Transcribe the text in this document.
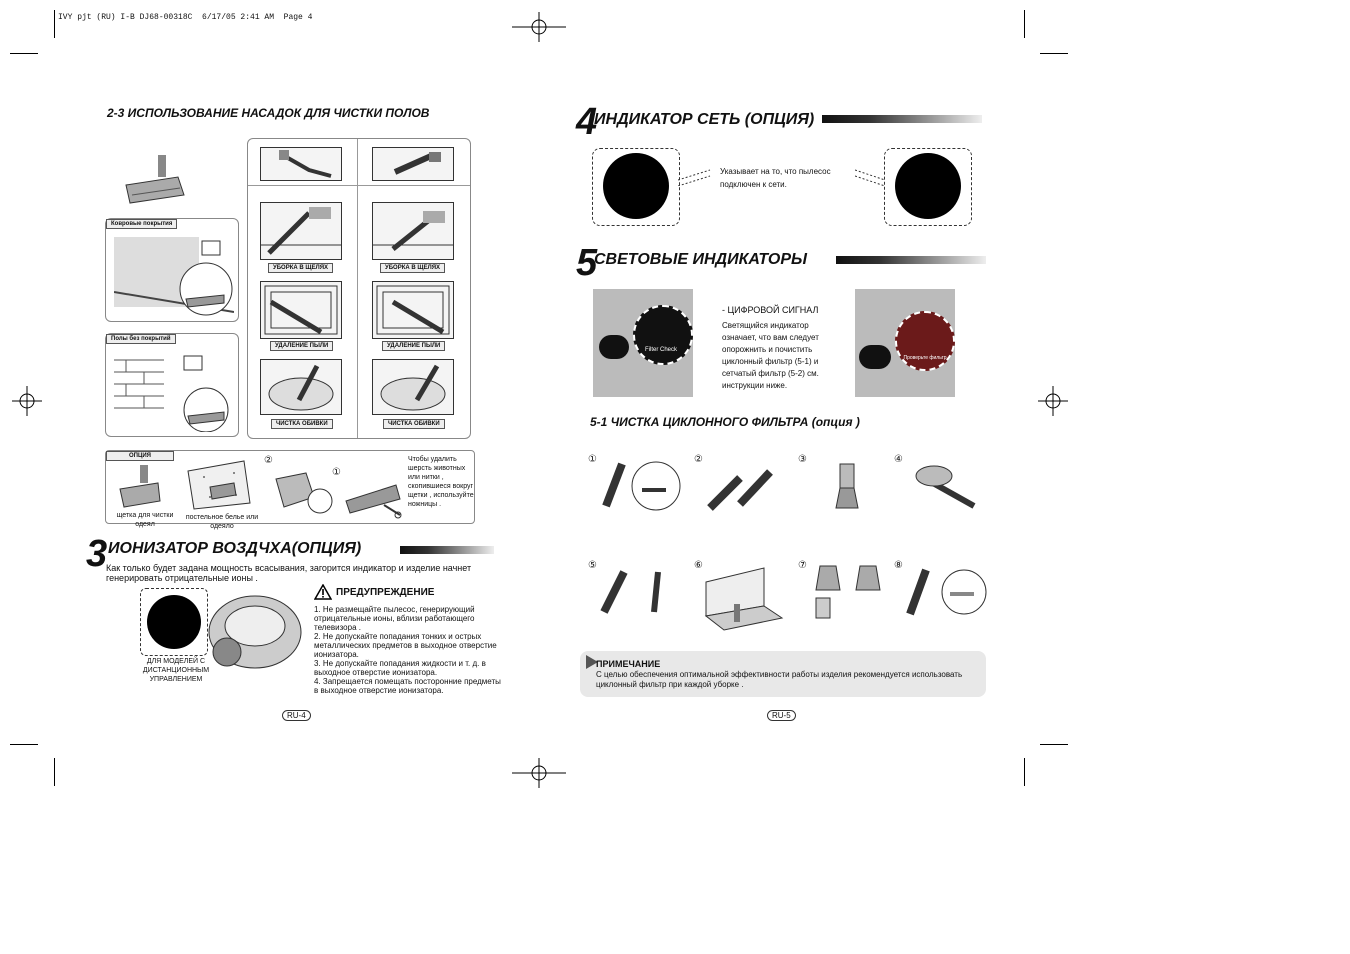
IVY pjt (RU) I-B DJ68-00318C  6/17/05 2:41 AM  Page 4
2-3 ИСПОЛЬЗОВАНИЕ НАСАДОК ДЛЯ ЧИСТКИ ПОЛОВ
Ковровые покрытия
Полы без покрытий
УБОРКА В ЩЕЛЯХ	УБОРКА В ЩЕЛЯХ
УДАЛЕНИЕ ПЫЛИ	УДАЛЕНИЕ ПЫЛИ
ЧИСТКА ОБИВКИ	ЧИСТКА ОБИВКИ
ОПЦИЯ
щетка для чистки одеял
постельное белье или одеяло
②
①
Чтобы удалить шерсть животных или нитки , скопившиеся вокруг щетки , используйте ножницы .
3 ИОНИЗАТОР ВОЗДЧХА(ОПЦИЯ)
Как только будет задана мощность всасывания, загорится индикатор и изделие начнет генерировать отрицательные ионы .
ДЛЯ МОДЕЛЕЙ С ДИСТАНЦИОННЫМ УПРАВЛЕНИЕМ
ПРЕДУПРЕЖДЕНИЕ
1. Не размещайте пылесос, генерирующий отрицательные ионы, вблизи работающего телевизора .
2. Не допускайте попадания тонких и острых металлических предметов в выходное отверстие ионизатора.
3. Не допускайте попадания жидкости и т. д. в выходное отверстие ионизатора.
4. Запрещается помещать посторонние предметы в выходное отверстие ионизатора.
RU-4
4
ИНДИКАТОР СЕТЬ (ОПЦИЯ)
Указывает на то, что пылесос подключен к сети.
5
СВЕТОВЫЕ ИНДИКАТОРЫ
Filter Check
- ЦИФРОВОЙ СИГНАЛ
Светящийся индикатор означает, что вам следует опорожнить и почистить циклонный фильтр (5-1) и сетчатый фильтр (5-2) см. инструкции ниже.
Проверьте фильтр
5-1 ЧИСТКА ЦИКЛОННОГО ФИЛЬТРА (опция )
①	②	③	④
⑤	⑥	⑦	⑧
ПРИМЕЧАНИЕ
С целью обеспечения оптимальной эффективности работы изделия рекомендуется использовать циклонный фильтр при каждой уборке .
RU-5
